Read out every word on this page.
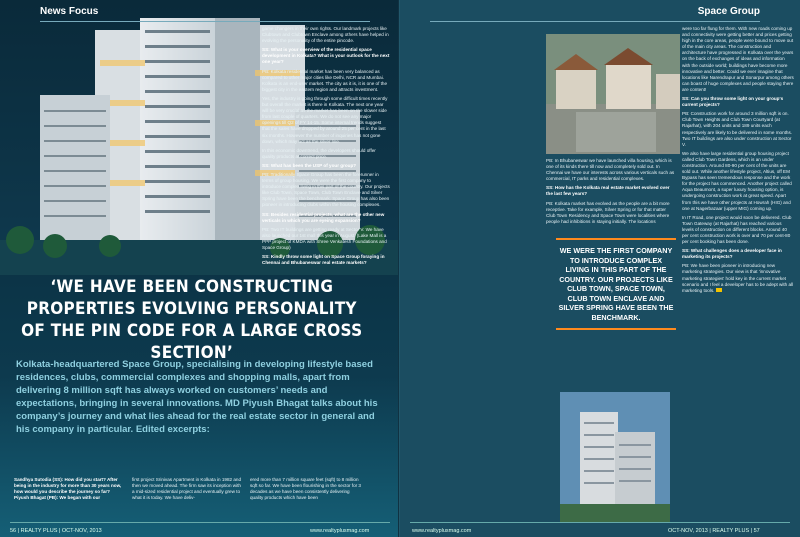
News Focus
‘WE HAVE BEEN CONSTRUCTING PROPERTIES EVOLVING PERSONALITY OF THE PIN CODE FOR A LARGE CROSS SECTION’
Kolkata-headquartered Space Group, specialising in developing lifestyle based residences, clubs, commercial complexes and shopping malls, apart from delivering 8 million sqft has always worked on customers’ needs and expectations, bringing in several innovations. MD Piyush Bhagat talks about his company’s journey and what lies ahead for the real estate sector in general and his company in particular. Edited excerpts:

Sandhya Sutodia (SS): How did you start? After being in the industry for more than 30 years now, how would you describe the journey so far? Piyush Bhagat (PB): We began with our

first project Srinivas Apartment in Kolkata in 1982 and then we moved ahead. The firm saw its inception with a mid-sized residential project and eventually grew to what it is today. We have deliv-

ered more than 7 million square feet (sqft) to 8 million sqft so far. We have been flourishing in the sector for 3 decades as we have been consistently delivering quality products which have been

56 | REALTY PLUS | OCT-NOV, 2013	www.realtyplusmag.com
Space Group

game changers in their own rights. Our landmark projects like Clubtown and Clubtown Enclave among others have helped in evolving the personality of the entire pincode.

SS: What is your overview of the residential space development in Kolkata? What is your outlook for the next one year?

PB: Kolkata residential market has been very balanced as compared to other major cities like Delhi, NCR and Mumbai. Kolkata is an end-user market. The city as it is, it is one of the biggest city in the eastern region and attracts investment.

Yes, the industry is going through some difficult times recently but overall the market is there in Kolkata. The next one year will be very crucial as the market has been on the slower side from last couple of quarters. We do not see any major openings till Q2 of FY 14-15. Some internal trends suggest that the sales have dropped by around 25 per cent in the last six months. However the number of inquiries has not gone down, which may act as the silver line.

In this economic downtrend, the developers should offer quality products at correct price.

SS: What has been the USP of your group?

PB: Traditionally Space Group has been the forerunner in terms of group housing. We were the first company to introduce complex living in this part of the country. Our projects like Club Town, Space Town, Club Town Enclave and Silver Spring have been the benchmark. Space Group has also been pioneer in introducing clubs within the housing complexes.

SS: Besides residential projects, what are the other new verticals in which you are eyeing expansion?

PB: Two IT buildings are getting ready at Sector V. We have also launched our 1st mall this year in August. (Lake Mall is a PPP project of KMDA with Shree Venkatesh Foundations and Space Group)

SS: Kindly throw some light on Space Group foraying in Chennai and Bhubaneswar real estate markets?

PB: In Bhubaneswar we have launched villa housing, which is one of its kinds there till now and completely sold out. In Chennai we have our interests across various verticals such as commercial, IT parks and residential complexes.

SS: How has the Kolkata real estate market evolved over the last few years?

PB: Kolkata market has evolved as the people are a bit more receptive. Take for example, Silver Spring or for that matter Club Town Residency and Space Town were localities where people had inhibitions in staying initially. The locations

WE WERE THE FIRST COMPANY TO INTRODUCE COMPLEX LIVING IN THIS PART OF THE COUNTRY. OUR PROJECTS LIKE CLUB TOWN, SPACE TOWN, CLUB TOWN ENCLAVE AND SILVER SPRING HAVE BEEN THE BENCHMARK.

were too far flung for them. With new roads coming up and connectivity were getting better and prices getting high in the core areas, people were bound to move out of the main city areas. The construction and architecture have progressed in Kolkata over the years on the back of exchanges of ideas and information with the outside world; buildings have become more innovative and better. Could we ever imagine that locations like Narendrapur and Sonarpur among others can boast of huge complexes and people staying there are content!

SS: Can you throw some light on your group's current projects?

PB: Construction work for around 3 million sqft is on. Club Town Heights and Club Town Courtyard (at Rajarhat), with 204 units and 189 units each respectively are likely to be delivered in some months. Two IT buildings are also under construction at Sector V.

We also have large residential group housing project called Club Town Gardens, which is an under construction. Around 80-90 per cent of the units are sold out. While another lifestyle project, Altius, off EM Bypass has seen tremendous response and the work for the project has commenced. Another project called Aqua Beaumont, a super luxury housing option, is undergoing construction work at great speed. Apart from this we have other projects at Howrah (HIG) and one at Nagerbazaar (upper MIG) coming up.

In IT Road, one project would soon be delivered. Club Town Gateway (at Rajarhat) has reached various levels of construction on different blocks. Around 40 per cent construction work is over and 70 per cent-80 per cent booking has been done.

SS: What challenges does a developer face in marketing its projects?

PB: We have been pioneer in introducing new marketing strategies. Our view is that 'innovative marketing strategies' hold key in the current market scenario and I feel a developer has to be adept with all marketing tools.

www.realtyplusmag.com	OCT-NOV, 2013 | REALTY PLUS | 57
